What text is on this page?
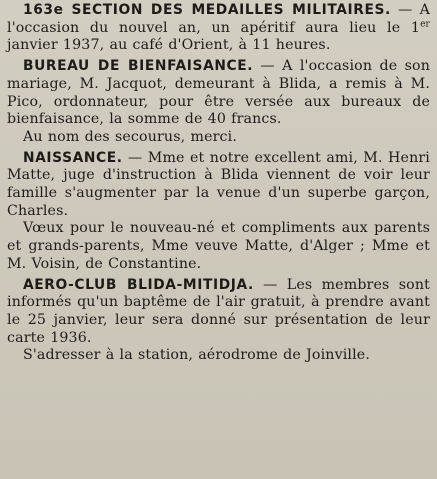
163e SECTION DES MEDAILLES MILITAIRES. — A l'occasion du nouvel an, un apéritif aura lieu le 1er janvier 1937, au café d'Orient, à 11 heures.

BUREAU DE BIENFAISANCE. — A l'occasion de son mariage, M. Jacquot, demeurant à Blida, a remis à M. Pico, ordonnateur, pour être versée aux bureaux de bienfaisance, la somme de 40 francs.

Au nom des secourus, merci.

NAISSANCE. — Mme et notre excellent ami, M. Henri Matte, juge d'instruction à Blida viennent de voir leur famille s'augmenter par la venue d'un superbe garçon, Charles.

Vœux pour le nouveau-né et compliments aux parents et grands-parents, Mme veuve Matte, d'Alger ; Mme et M. Voisin, de Constantine.

AERO-CLUB BLIDA-MITIDJA. — Les membres sont informés qu'un baptême de l'air gratuit, à prendre avant le 25 janvier, leur sera donné sur présentation de leur carte 1936.

S'adresser à la station, aérodrome de Joinville.
